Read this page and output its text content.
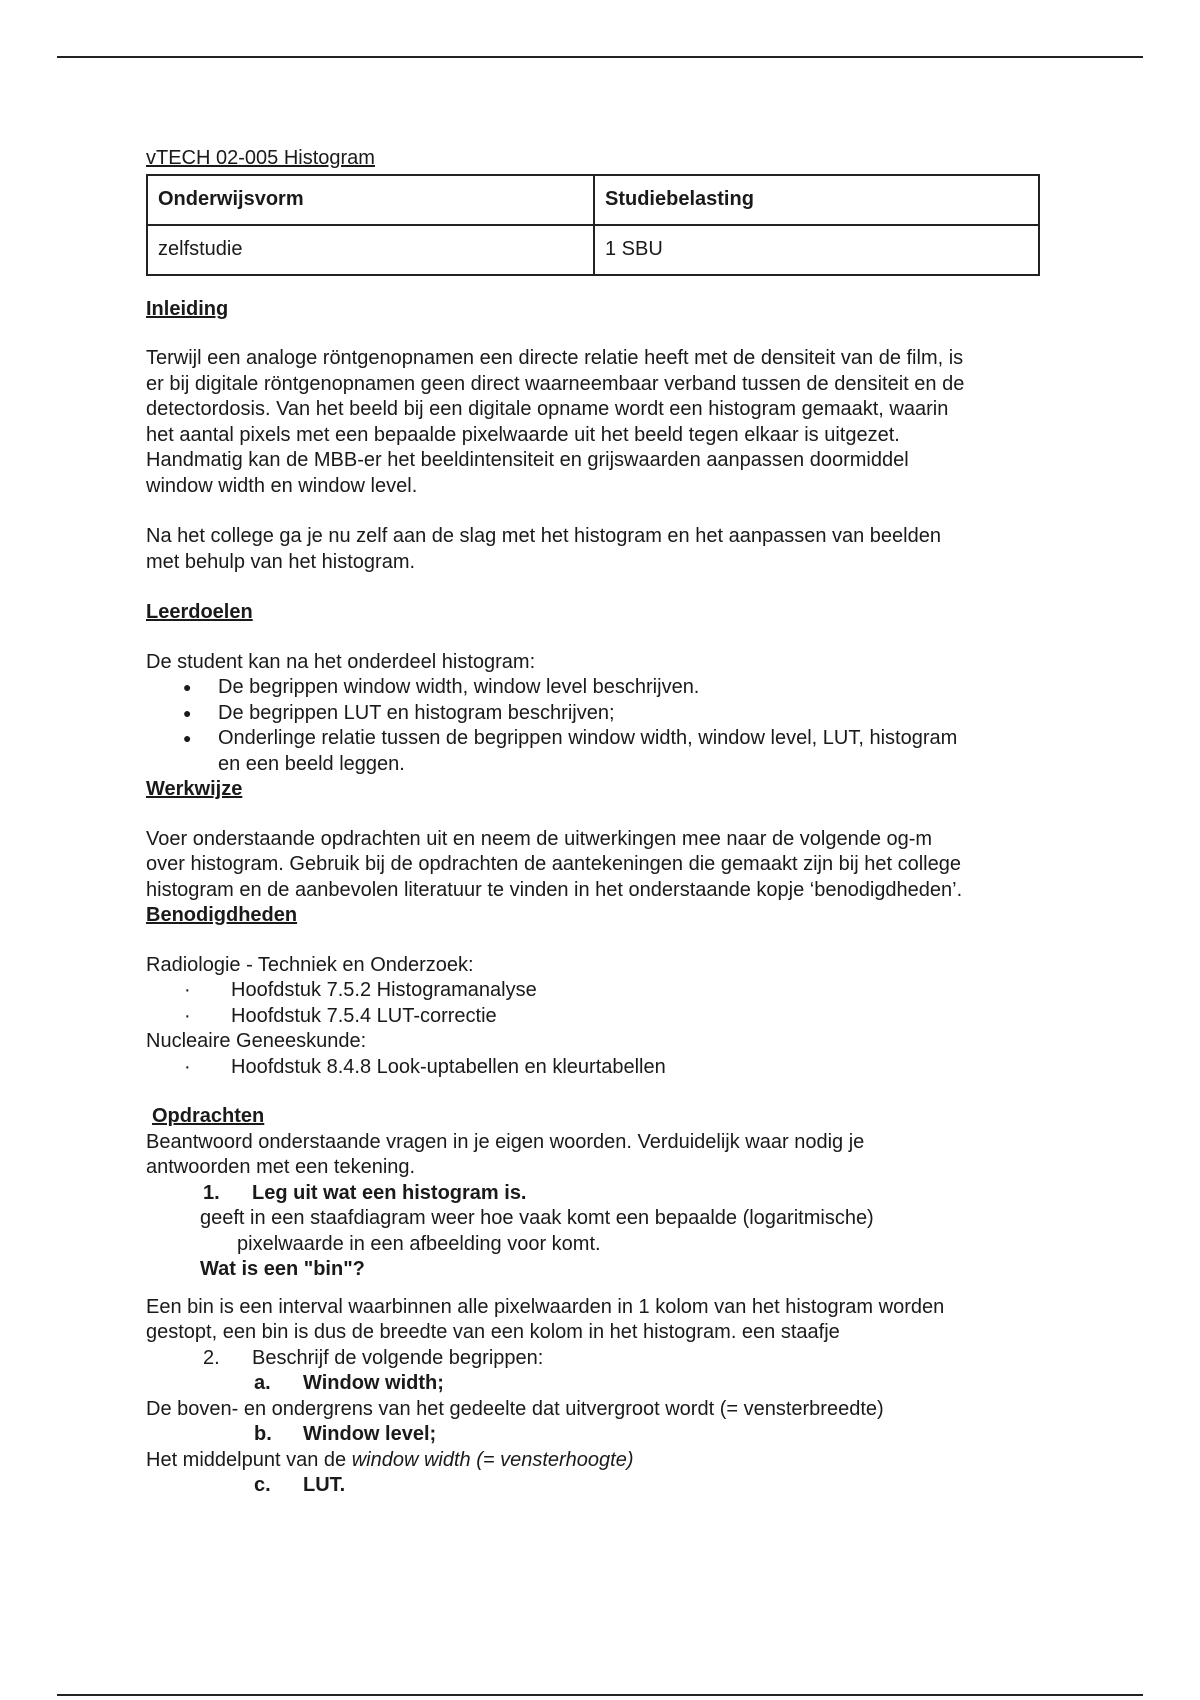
vTECH 02-005 Histogram

Onderwijsvorm	Studiebelasting
zelfstudie	1 SBU

Inleiding

Terwijl een analoge röntgenopnamen een directe relatie heeft met de densiteit van de film, is

er bij digitale röntgenopnamen geen direct waarneembaar verband tussen de densiteit en de

detectordosis. Van het beeld bij een digitale opname wordt een histogram gemaakt, waarin

het aantal pixels met een bepaalde pixelwaarde uit het beeld tegen elkaar is uitgezet.

Handmatig kan de MBB-er het beeldintensiteit en grijswaarden aanpassen doormiddel

window width en window level.

Na het college ga je nu zelf aan de slag met het histogram en het aanpassen van beelden

met behulp van het histogram.

Leerdoelen

De student kan na het onderdeel histogram:

● De begrippen window width, window level beschrijven.
● De begrippen LUT en histogram beschrijven;
● Onderlinge relatie tussen de begrippen window width, window level, LUT, histogram
en een beeld leggen.

Werkwijze

Voer onderstaande opdrachten uit en neem de uitwerkingen mee naar de volgende og-m

over histogram. Gebruik bij de opdrachten de aantekeningen die gemaakt zijn bij het college

histogram en de aanbevolen literatuur te vinden in het onderstaande kopje ‘benodigdheden’.

Benodigdheden

Radiologie - Techniek en Onderzoek:

· Hoofdstuk 7.5.2 Histogramanalyse
· Hoofdstuk 7.5.4 LUT-correctie

Nucleaire Geneeskunde:

· Hoofdstuk 8.4.8 Look-uptabellen en kleurtabellen

Opdrachten

Beantwoord onderstaande vragen in je eigen woorden. Verduidelijk waar nodig je

antwoorden met een tekening.

1. Leg uit wat een histogram is.

geeft in een staafdiagram weer hoe vaak komt een bepaalde (logaritmische)

pixelwaarde in een afbeelding voor komt.

Wat is een "bin"?

Een bin is een interval waarbinnen alle pixelwaarden in 1 kolom van het histogram worden

gestopt, een bin is dus de breedte van een kolom in het histogram. een staafje

2. Beschrijf de volgende begrippen:

a. Window width;

De boven- en ondergrens van het gedeelte dat uitvergroot wordt (= vensterbreedte)

b. Window level;

Het middelpunt van de window width (= vensterhoogte)

c. LUT.
